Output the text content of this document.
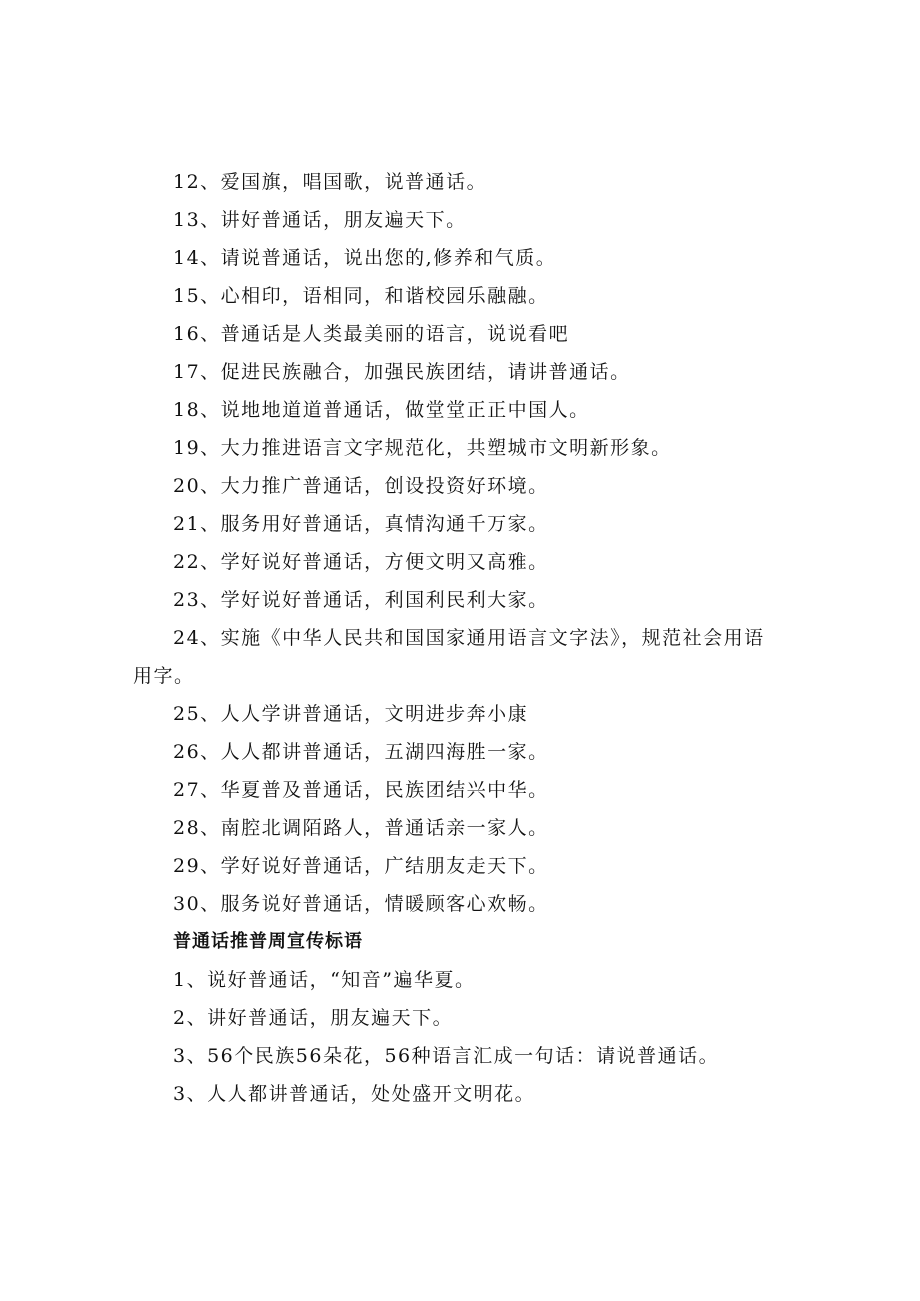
12、爱国旗，唱国歌，说普通话。
13、讲好普通话，朋友遍天下。
14、请说普通话，说出您的,修养和气质。
15、心相印，语相同，和谐校园乐融融。
16、普通话是人类最美丽的语言，说说看吧
17、促进民族融合，加强民族团结，请讲普通话。
18、说地地道道普通话，做堂堂正正中国人。
19、大力推进语言文字规范化，共塑城市文明新形象。
20、大力推广普通话，创设投资好环境。
21、服务用好普通话，真情沟通千万家。
22、学好说好普通话，方便文明又高雅。
23、学好说好普通话，利国利民利大家。
24、实施《中华人民共和国国家通用语言文字法》，规范社会用语用字。
25、人人学讲普通话，文明进步奔小康
26、人人都讲普通话，五湖四海胜一家。
27、华夏普及普通话，民族团结兴中华。
28、南腔北调陌路人，普通话亲一家人。
29、学好说好普通话，广结朋友走天下。
30、服务说好普通话，情暖顾客心欢畅。
普通话推普周宣传标语
1、说好普通话，“知音”遍华夏。
2、讲好普通话，朋友遍天下。
3、56个民族56朵花，56种语言汇成一句话：请说普通话。
3、人人都讲普通话，处处盛开文明花。
